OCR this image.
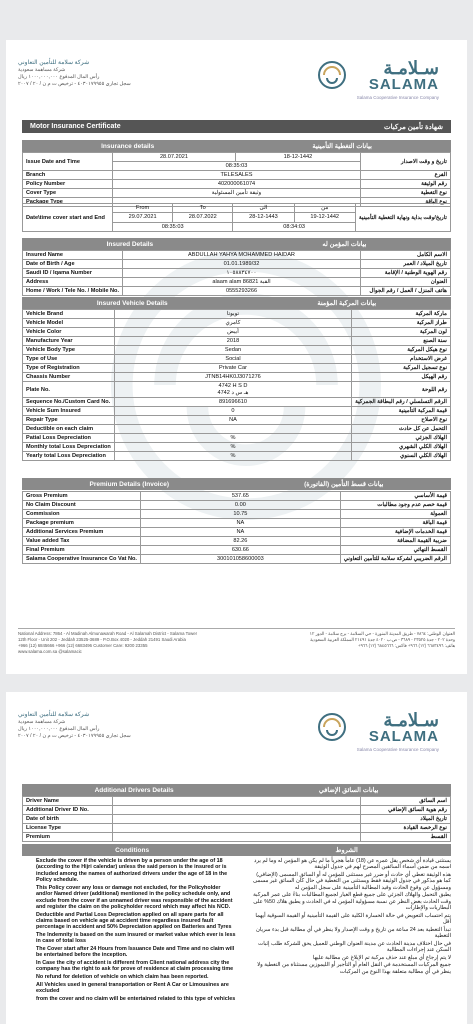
سـلامـة
SALAMA
Salama Cooperative Insurance Company
شركة سلامة للتأمين التعاوني
شركة مساهمة سعودية
رأس المال المدفوع ١٠٠٠,٠٠٠,٠٠٠ ريال
سجل تجاري ٤٠٣٠١٧٩٩٥٥ - ترخيص ت م ن / ٢٠ / ٢٠٠٧
Motor Insurance Certificate	شهادة تأمين مركبات
Insurance details	بيانات التغطية التأمينية
Issue Date and Time	28.07.2021	18-12-1442	تاريخ و وقت الاصدار
	08:35:03		
Branch	TELESALES		الفرع
Policy Number	402000061074		رقم الوثيقة
Cover Type	وثيقة تأمين المسئولية		نوع التغطية
Package Type			نوع الباقة
Date\time cover start and End	From	To	الى	من	تاريخ/وقت بداية ونهاية التغطية التأمينية
	29.07.2021	28.07.2022	28-12-1443	19-12-1442	
	08:35:03		08:34:03		
Insured Details	بيانات المؤمن له
Insured Name	ABDULLAH YAHYA MOHAMMED HAIDAR	الاسم الكامل
Date of Birth / Age	01.01.1989/32	تاريخ الميلاد / العمر
Saudi ID / Iqama Number	١٠٥٨٨٣٤٧٠٠	رقم الهوية الوطنية / الإقامة
Address	alaam alam 86821 القبة	العنوان
Home / Work / Tele No. / Mobile No.	0555293266	هاتف المنزل / العمل / رقم الجوال
Insured Vehicle Details	بيانات المركبة المؤمنة
Vehicle Brand	تويوتا	ماركة المركبة
Vehicle Model	كامري	طراز المركبة
Vehicle Color	أبيض	لون المركبة
Manufacture Year	2018	سنة الصنع
Vehicle Body Type	Sedan	نوع هيكل المركبة
Type of Use	Social	غرض الاستخدام
Type of Registration	Private Car	نوع تسجيل المركبة
Chassis Number	JTNB14HK0J3071276	رقم الهيكل
Plate No.	4742 H S D
4742 هـ س د	رقم اللوحة
Sequence No./Custom Card No.	891696610	الرقم التسلسلي / رقم البطاقة الجمركية
Vehicle Sum Insured	0	قيمة المركبة التأمينية
Repair Type	NA	نوع الاصلاح
Deductible on each claim		التحمل عن كل حادث
Patial Loss Depreciation	%	الهلاك الجزئي
Monthly total Loss Depreciation	%	الهلاك الكلي الشهري
Yearly total Loss Depreciation	%	الهلاك الكلي السنوي
Premium Details (Invoice)	بيانات قسط التأمين (الفاتورة)
Gross Premium	537.65	قيمة الأساسي
No Claim Discount	0.00	قيمة خصم عدم وجود مطالبات
Commission	10.75	العمولة
Package premium	NA	قيمة الباقة
Additional Services Premium	NA	قيمة الخدمات الإضافية
Value added Tax	82.26	ضريبة القيمة المضافة
Final Premium	630.66	القسط النهائي
Salama Cooperative Insurance Co Vat No.	300101058600003	الرقم الضريبي لشركة سلامة للتأمين التعاوني
National Address: 7864 - Al Madinah Almunawarah Road - Al Salamah District - Salama Tower
12th Floor - Unit 202 - Jeddah 23525-3689 - P.O.Box 4020 - Jeddah 21491 Saudi Arabia
+966 (12) 6845666 +966 (12) 6683496 Customer Care: 9200 23355
www.salama.com.sa @salamacic
العنوان الوطني: ٧٨٦٤ - طريق المدينة المنورة - حي السلامة - برج سلامة - الدور ١٢
وحدة ٢٠٢ - جدة ٢٣٥٢٥ - ٣٦٨٩ - ص.ب ٤٠٢٠ جدة ٢١٤٩١ المملكة العربية السعودية
هاتف: ٦٦٨٣٤٩٦ (١٢) ٩٦٦+ فاكس: ٦٨٤٥٦٦٦ (١٢) ٩٦٦+
سـلامـة
SALAMA
Salama Cooperative Insurance Company
شركة سلامة للتأمين التعاوني
شركة مساهمة سعودية
رأس المال المدفوع ١٠٠٠,٠٠٠,٠٠٠ ريال
سجل تجاري ٤٠٣٠١٧٩٩٥٥ - ترخيص ت م ن / ٢٠ / ٢٠٠٧
Additional Drivers Details	بيانات السائق الإضافي
Driver Name		اسم السائق
Additional Driver ID No.		رقم هوية السائق الإضافي
Date of birth		تاريخ الميلاد
License Type		نوع الرخصة القيادة
Premium		القسط
Conditions	الشروط

Exclude the cover if the vehicle is driven by a person under the age of 18 (according to the Hijri calendar) unless the said person is the insured or is included among the names of authorized drivers under the age of 18 in the Policy schedule.

This Policy cover any loss or damage not excluded, for the Policyholder and/or Named driver (additional) mentioned in the policy schedule only, and exclude from the cover if an unnamed driver was responsible of the accident and register the claim on the policyholder record which may affect his NCD.

Deductible and Partial Loss Depreciation applied on all spare parts for all claims based on vehicle age at accident time regardless insured fault percentage in accident and 50% Depreciation applied on Batteries and Tyres

The Indemnity is based on the sum insured or market value which ever is less in case of total loss

The Cover start after 24 Hours from Issuance Date and Time and no claim will be entertained before the inception.

In Case the city of accident is different from Client national address city the company has the right to ask for prove of residence at claim processing time

No refund for deletion of vehicle on which claim has been reported.

All Vehicles used in general transportation or Rent A Car or Limousines are excluded

from the cover and no claim will be entertained related to this type of vehicles

يستثنى قيادة أي شخص يقل عمره عن (18) عاماً هجرياً ما لم يكن هو المؤمن له وما لم يرد اسمه من ضمن أسماء السائقين المصرح لهم في جدول الوثيقة

هذه الوثيقة تغطي أي حادث أو ضرر غير مستثنى للمؤمن له أو السائق المسمى (الإضافي) كما هو مذكور في جدول الوثيقة فقط ويستثنى من التغطية في حال كان السائق غير مسمى ومسؤول عن وقوع الحادث وقيد المطالبة التأمينية على سجل المؤمن له

يطبق التحمل والهلاك الجزئي على جميع قطع الغيار لجميع المطالبات بناءً على عمر المركبة وقت الحادث بغض النظر عن نسبة مسؤولية المؤمن له في الحادث و يطبق هلاك 50% على البطاريات والإطارات

يتم احتساب التعويض في حالة الخسارة الكلية على القيمة التأمينية أو القيمة السوقية أيهما أقل

تبدأ التغطية بعد 24 ساعة من تاريخ و وقت الإصدار ولا ينظر في أي مطالبة قبل بدء سريان التغطية

في حال اختلاف مدينة الحادث عن مدينة العنوان الوطني للعميل يحق للشركة طلب إثبات السكن عند إجراءات المطالبة

لا يتم إرجاع أي مبلغ عند حذف مركبة تم الإبلاغ عن مطالبة عليها

جميع المركبات المستخدمة في النقل العام أو التأجير أو الليموزين مستثناة من التغطية ولا ينظر في أي مطالبة متعلقة بهذا النوع من المركبات
